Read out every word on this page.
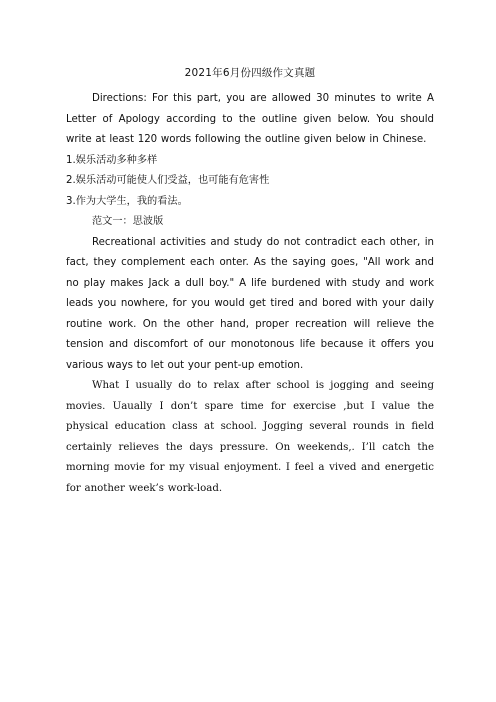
2021年6月份四级作文真题

Directions: For this part, you are allowed 30 minutes to write A Letter of Apology according to the outline given below. You should write at least 120 words following the outline given below in Chinese.

1.娱乐活动多种多样

2.娱乐活动可能使人们受益，也可能有危害性

3.作为大学生，我的看法。

范文一：思波版

Recreational activities and study do not contradict each other, in fact, they complement each onter. As the saying goes, "All work and no play makes Jack a dull boy." A life burdened with study and work leads you nowhere, for you would get tired and bored with your daily routine work. On the other hand, proper recreation will relieve the tension and discomfort of our monotonous life because it offers you various ways to let out your pent-up emotion.

What I usually do to relax after school is jogging and seeing movies. Uaually I don’t spare time for exercise ,but I value the physical education class at school. Jogging several rounds in field certainly relieves the days pressure. On weekends,. I’ll catch the morning movie for my visual enjoyment. I feel a vived and energetic for another week’s work-load.
